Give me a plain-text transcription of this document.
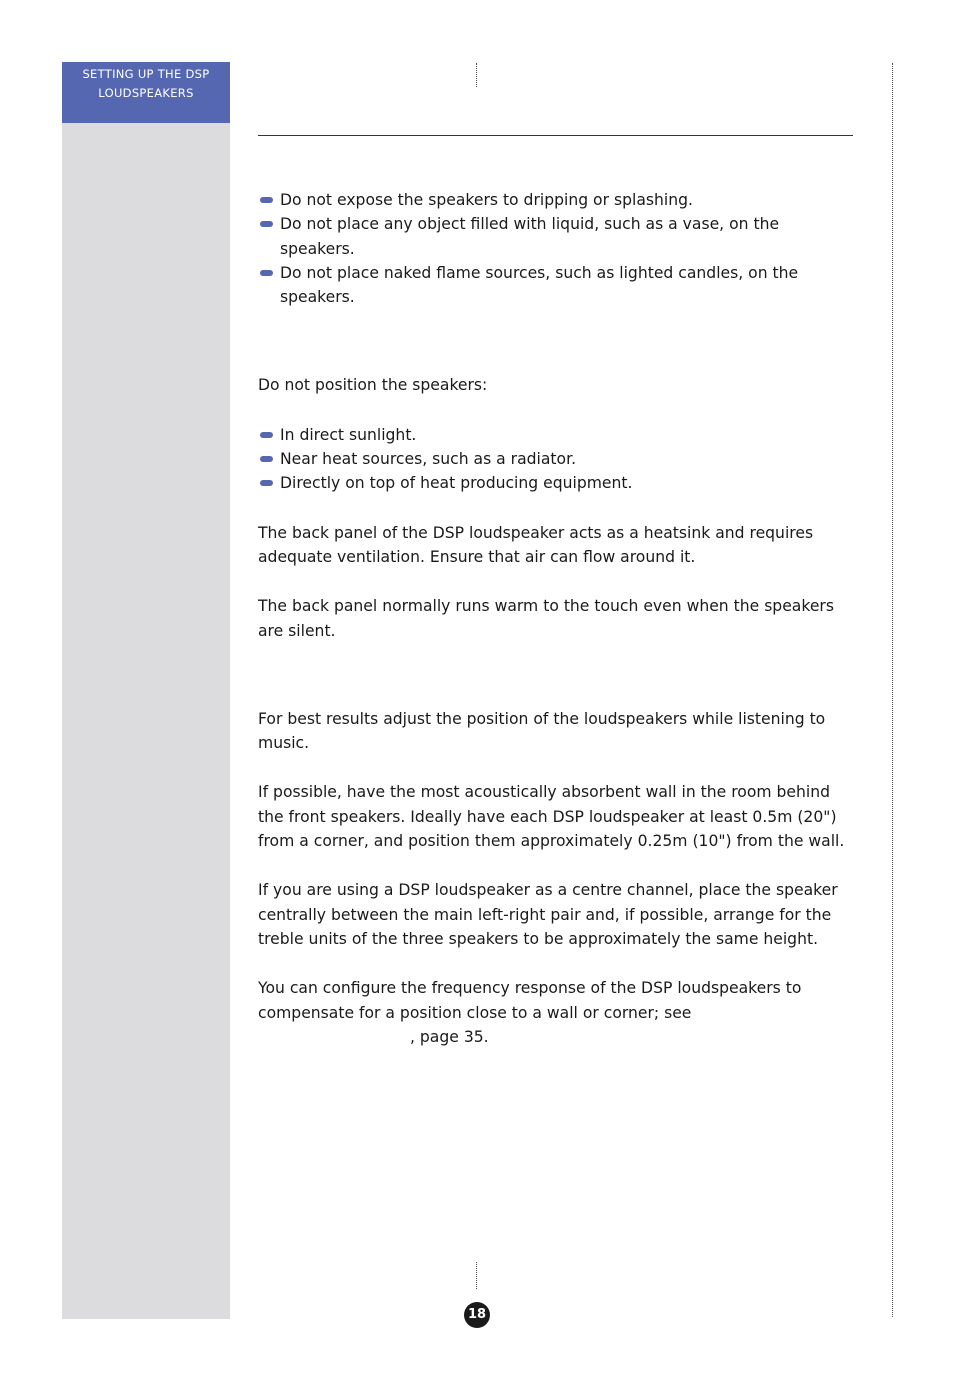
SETTING UP THE DSP
LOUDSPEAKERS
Do not expose the speakers to dripping or splashing.
Do not place any object filled with liquid, such as a vase, on the speakers.
Do not place naked flame sources, such as lighted candles, on the speakers.

Do not position the speakers:

In direct sunlight.
Near heat sources, such as a radiator.
Directly on top of heat producing equipment.

The back panel of the DSP loudspeaker acts as a heatsink and requires adequate ventilation. Ensure that air can flow around it.

The back panel normally runs warm to the touch even when the speakers are silent.

For best results adjust the position of the loudspeakers while listening to music.

If possible, have the most acoustically absorbent wall in the room behind the front speakers. Ideally have each DSP loudspeaker at least 0.5m (20") from a corner, and position them approximately 0.25m (10") from the wall.

If you are using a DSP loudspeaker as a centre channel, place the speaker centrally between the main left-right pair and, if possible, arrange for the treble units of the three speakers to be approximately the same height.

You can configure the frequency response of the DSP loudspeakers to
compensate for a position close to a wall or corner; see
, page 35.

18
